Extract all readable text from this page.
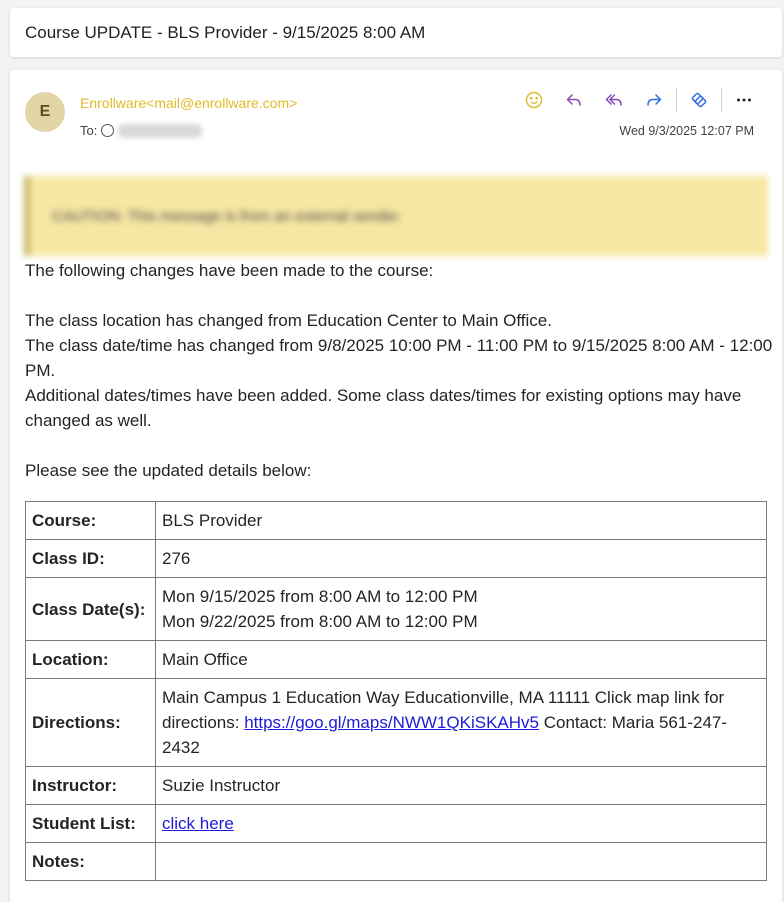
Course UPDATE - BLS Provider - 9/15/2025 8:00 AM
E	Enrollware<mail@enrollware.com>
To:	Wed 9/3/2025 12:07 PM
CAUTION: This message is from an external sender.

The following changes have been made to the course:

The class location has changed from Education Center to Main Office.

The class date/time has changed from 9/8/2025 10:00 PM - 11:00 PM to 9/15/2025 8:00 AM - 12:00 PM.

Additional dates/times have been added. Some class dates/times for existing options may have changed as well.

Please see the updated details below:

Course:	BLS Provider
Class ID:	276
Class Date(s):	Mon 9/15/2025 from 8:00 AM to 12:00 PM
Mon 9/22/2025 from 8:00 AM to 12:00 PM

Location:	Main Office
Directions:	Main Campus 1 Education Way Educationville, MA 11111 Click map link for directions: https://goo.gl/maps/NWW1QKiSKAHv5 Contact: Maria 561-247-2432
Instructor:	Suzie Instructor
Student List:	click here
Notes:	
